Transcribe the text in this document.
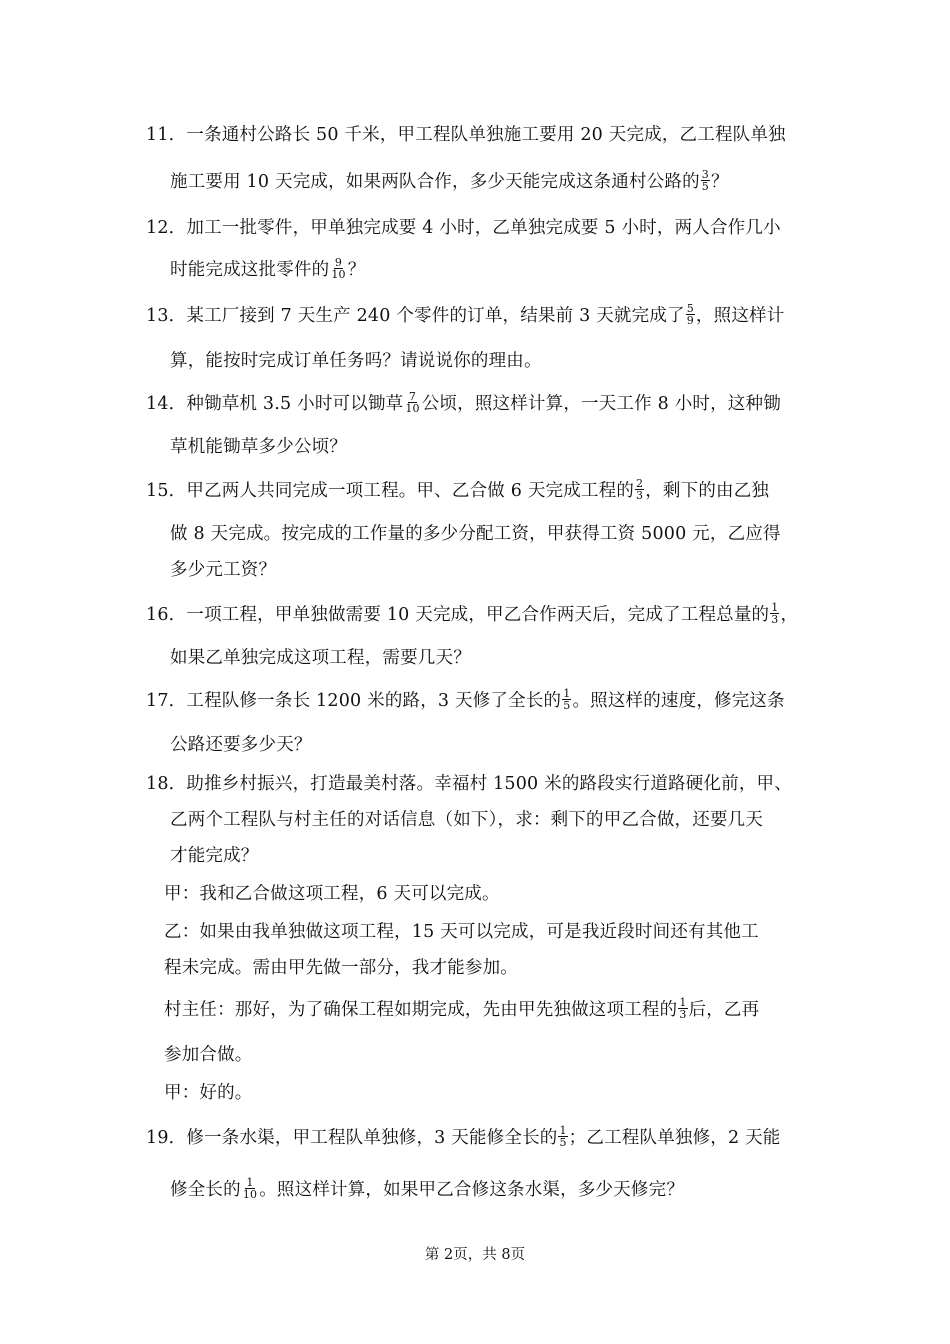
11．一条通村公路长 50 千米，甲工程队单独施工要用 20 天完成，乙工程队单独
施工要用 10 天完成，如果两队合作，多少天能完成这条通村公路的 $\frac{3}{5}$ ？
12．加工一批零件，甲单独完成要 4 小时，乙单独完成要 5 小时，两人合作几小
时能完成这批零件的 $\frac{9}{10}$ ？
13．某工厂接到 7 天生产 240 个零件的订单，结果前 3 天就完成了 $\frac{5}{9}$ ，照这样计
算，能按时完成订单任务吗？请说说你的理由。
14．种锄草机 3.5 小时可以锄草 $\frac{7}{10}$ 公顷，照这样计算，一天工作 8 小时，这种锄
草机能锄草多少公顷？
15．甲乙两人共同完成一项工程。甲、乙合做 6 天完成工程的 $\frac{2}{3}$ ，剩下的由乙独
做 8 天完成。按完成的工作量的多少分配工资，甲获得工资 5000 元，乙应得
多少元工资？
16．一项工程，甲单独做需要 10 天完成，甲乙合作两天后，完成了工程总量的 $\frac{1}{3}$ ，
如果乙单独完成这项工程，需要几天？
17．工程队修一条长 1200 米的路，3 天修了全长的 $\frac{1}{5}$ 。照这样的速度，修完这条
公路还要多少天？
18．助推乡村振兴，打造最美村落。幸福村 1500 米的路段实行道路硬化前，甲、
乙两个工程队与村主任的对话信息（如下），求：剩下的甲乙合做，还要几天
才能完成？
甲：我和乙合做这项工程，6 天可以完成。
乙：如果由我单独做这项工程，15 天可以完成，可是我近段时间还有其他工
程未完成。需由甲先做一部分，我才能参加。
村主任：那好，为了确保工程如期完成，先由甲先独做这项工程的 $\frac{1}{3}$ 后，乙再
参加合做。
甲：好的。
19．修一条水渠，甲工程队单独修，3 天能修全长的 $\frac{1}{5}$ ；乙工程队单独修，2 天能
修全长的 $\frac{1}{10}$ 。照这样计算，如果甲乙合修这条水渠，多少天修完？
第 2页，共 8页
